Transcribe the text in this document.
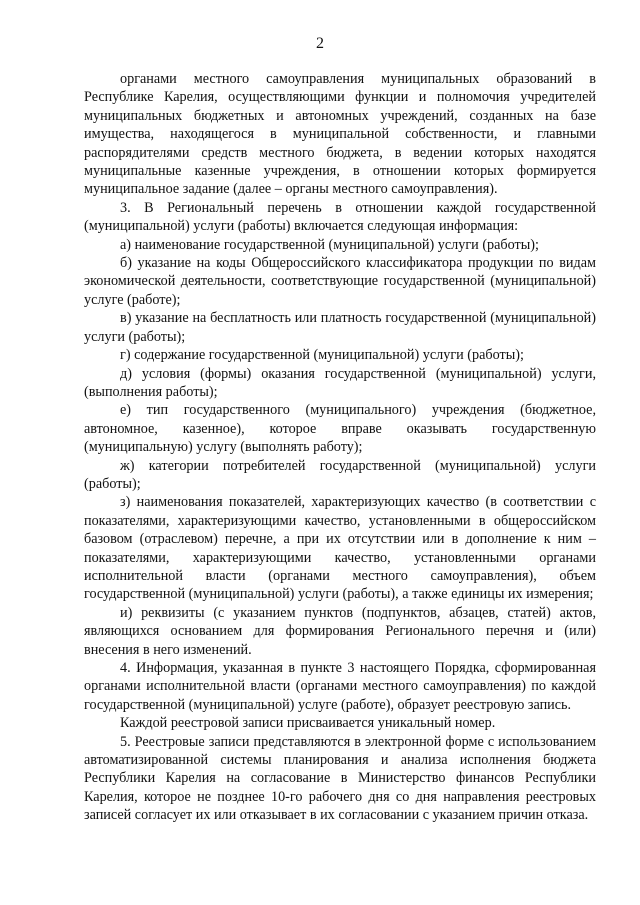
2

органами местного самоуправления муниципальных образований в Республике Карелия, осуществляющими функции и полномочия учредителей муниципальных бюджетных и автономных учреждений, созданных на базе имущества, находящегося в муниципальной собственности, и главными распорядителями средств местного бюджета, в ведении которых находятся муниципальные казенные учреждения, в отношении которых формируется муниципальное задание (далее – органы местного самоуправления).

3. В Региональный перечень в отношении каждой государственной (муниципальной) услуги (работы) включается следующая информация:

а) наименование государственной (муниципальной) услуги (работы);

б) указание на коды Общероссийского классификатора продукции по видам экономической деятельности, соответствующие государственной (муниципальной) услуге (работе);

в) указание на бесплатность или платность государственной (муниципальной) услуги (работы);

г) содержание государственной (муниципальной) услуги (работы);

д) условия (формы) оказания государственной (муниципальной) услуги, (выполнения работы);

е) тип государственного (муниципального) учреждения (бюджетное, автономное, казенное), которое вправе оказывать государственную (муниципальную) услугу (выполнять работу);

ж) категории потребителей государственной (муниципальной) услуги (работы);

з) наименования показателей, характеризующих качество (в соответствии с показателями, характеризующими качество, установленными в общероссийском базовом (отраслевом) перечне, а при их отсутствии или в дополнение к ним – показателями, характеризующими качество, установленными органами исполнительной власти (органами местного самоуправления), объем государственной (муниципальной) услуги (работы), а также единицы их измерения;

и) реквизиты (с указанием пунктов (подпунктов, абзацев, статей) актов, являющихся основанием для формирования Регионального перечня и (или) внесения в него изменений.

4. Информация, указанная в пункте 3 настоящего Порядка, сформированная органами исполнительной власти (органами местного самоуправления) по каждой государственной (муниципальной) услуге (работе), образует реестровую запись.

Каждой реестровой записи присваивается уникальный номер.

5. Реестровые записи представляются в электронной форме с использованием автоматизированной системы планирования и анализа исполнения бюджета Республики Карелия на согласование в Министерство финансов Республики Карелия, которое не позднее 10-го рабочего дня со дня направления реестровых записей согласует их или отказывает в их согласовании с указанием причин отказа.
